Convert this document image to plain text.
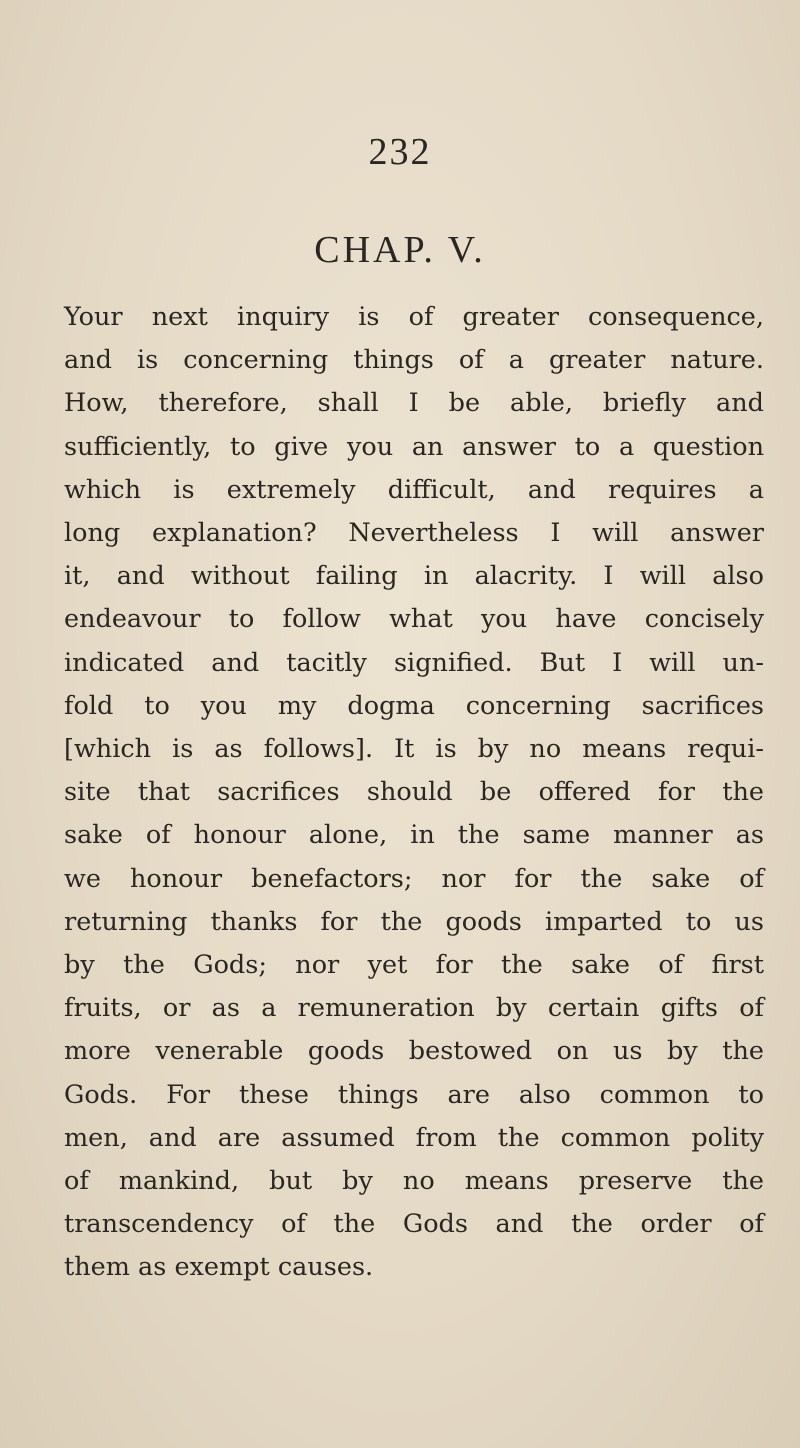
232
CHAP. V.
Your next inquiry is of greater consequence,
and is concerning things of a greater nature.
How, therefore, shall I be able, briefly and
sufficiently, to give you an answer to a question
which is extremely difficult, and requires a
long explanation? Nevertheless I will answer
it, and without failing in alacrity. I will also
endeavour to follow what you have concisely
indicated and tacitly signified. But I will un-
fold to you my dogma concerning sacrifices
[which is as follows]. It is by no means requi-
site that sacrifices should be offered for the
sake of honour alone, in the same manner as
we honour benefactors; nor for the sake of
returning thanks for the goods imparted to us
by the Gods; nor yet for the sake of first
fruits, or as a remuneration by certain gifts of
more venerable goods bestowed on us by the
Gods. For these things are also common to
men, and are assumed from the common polity
of mankind, but by no means preserve the
transcendency of the Gods and the order of
them as exempt causes.
